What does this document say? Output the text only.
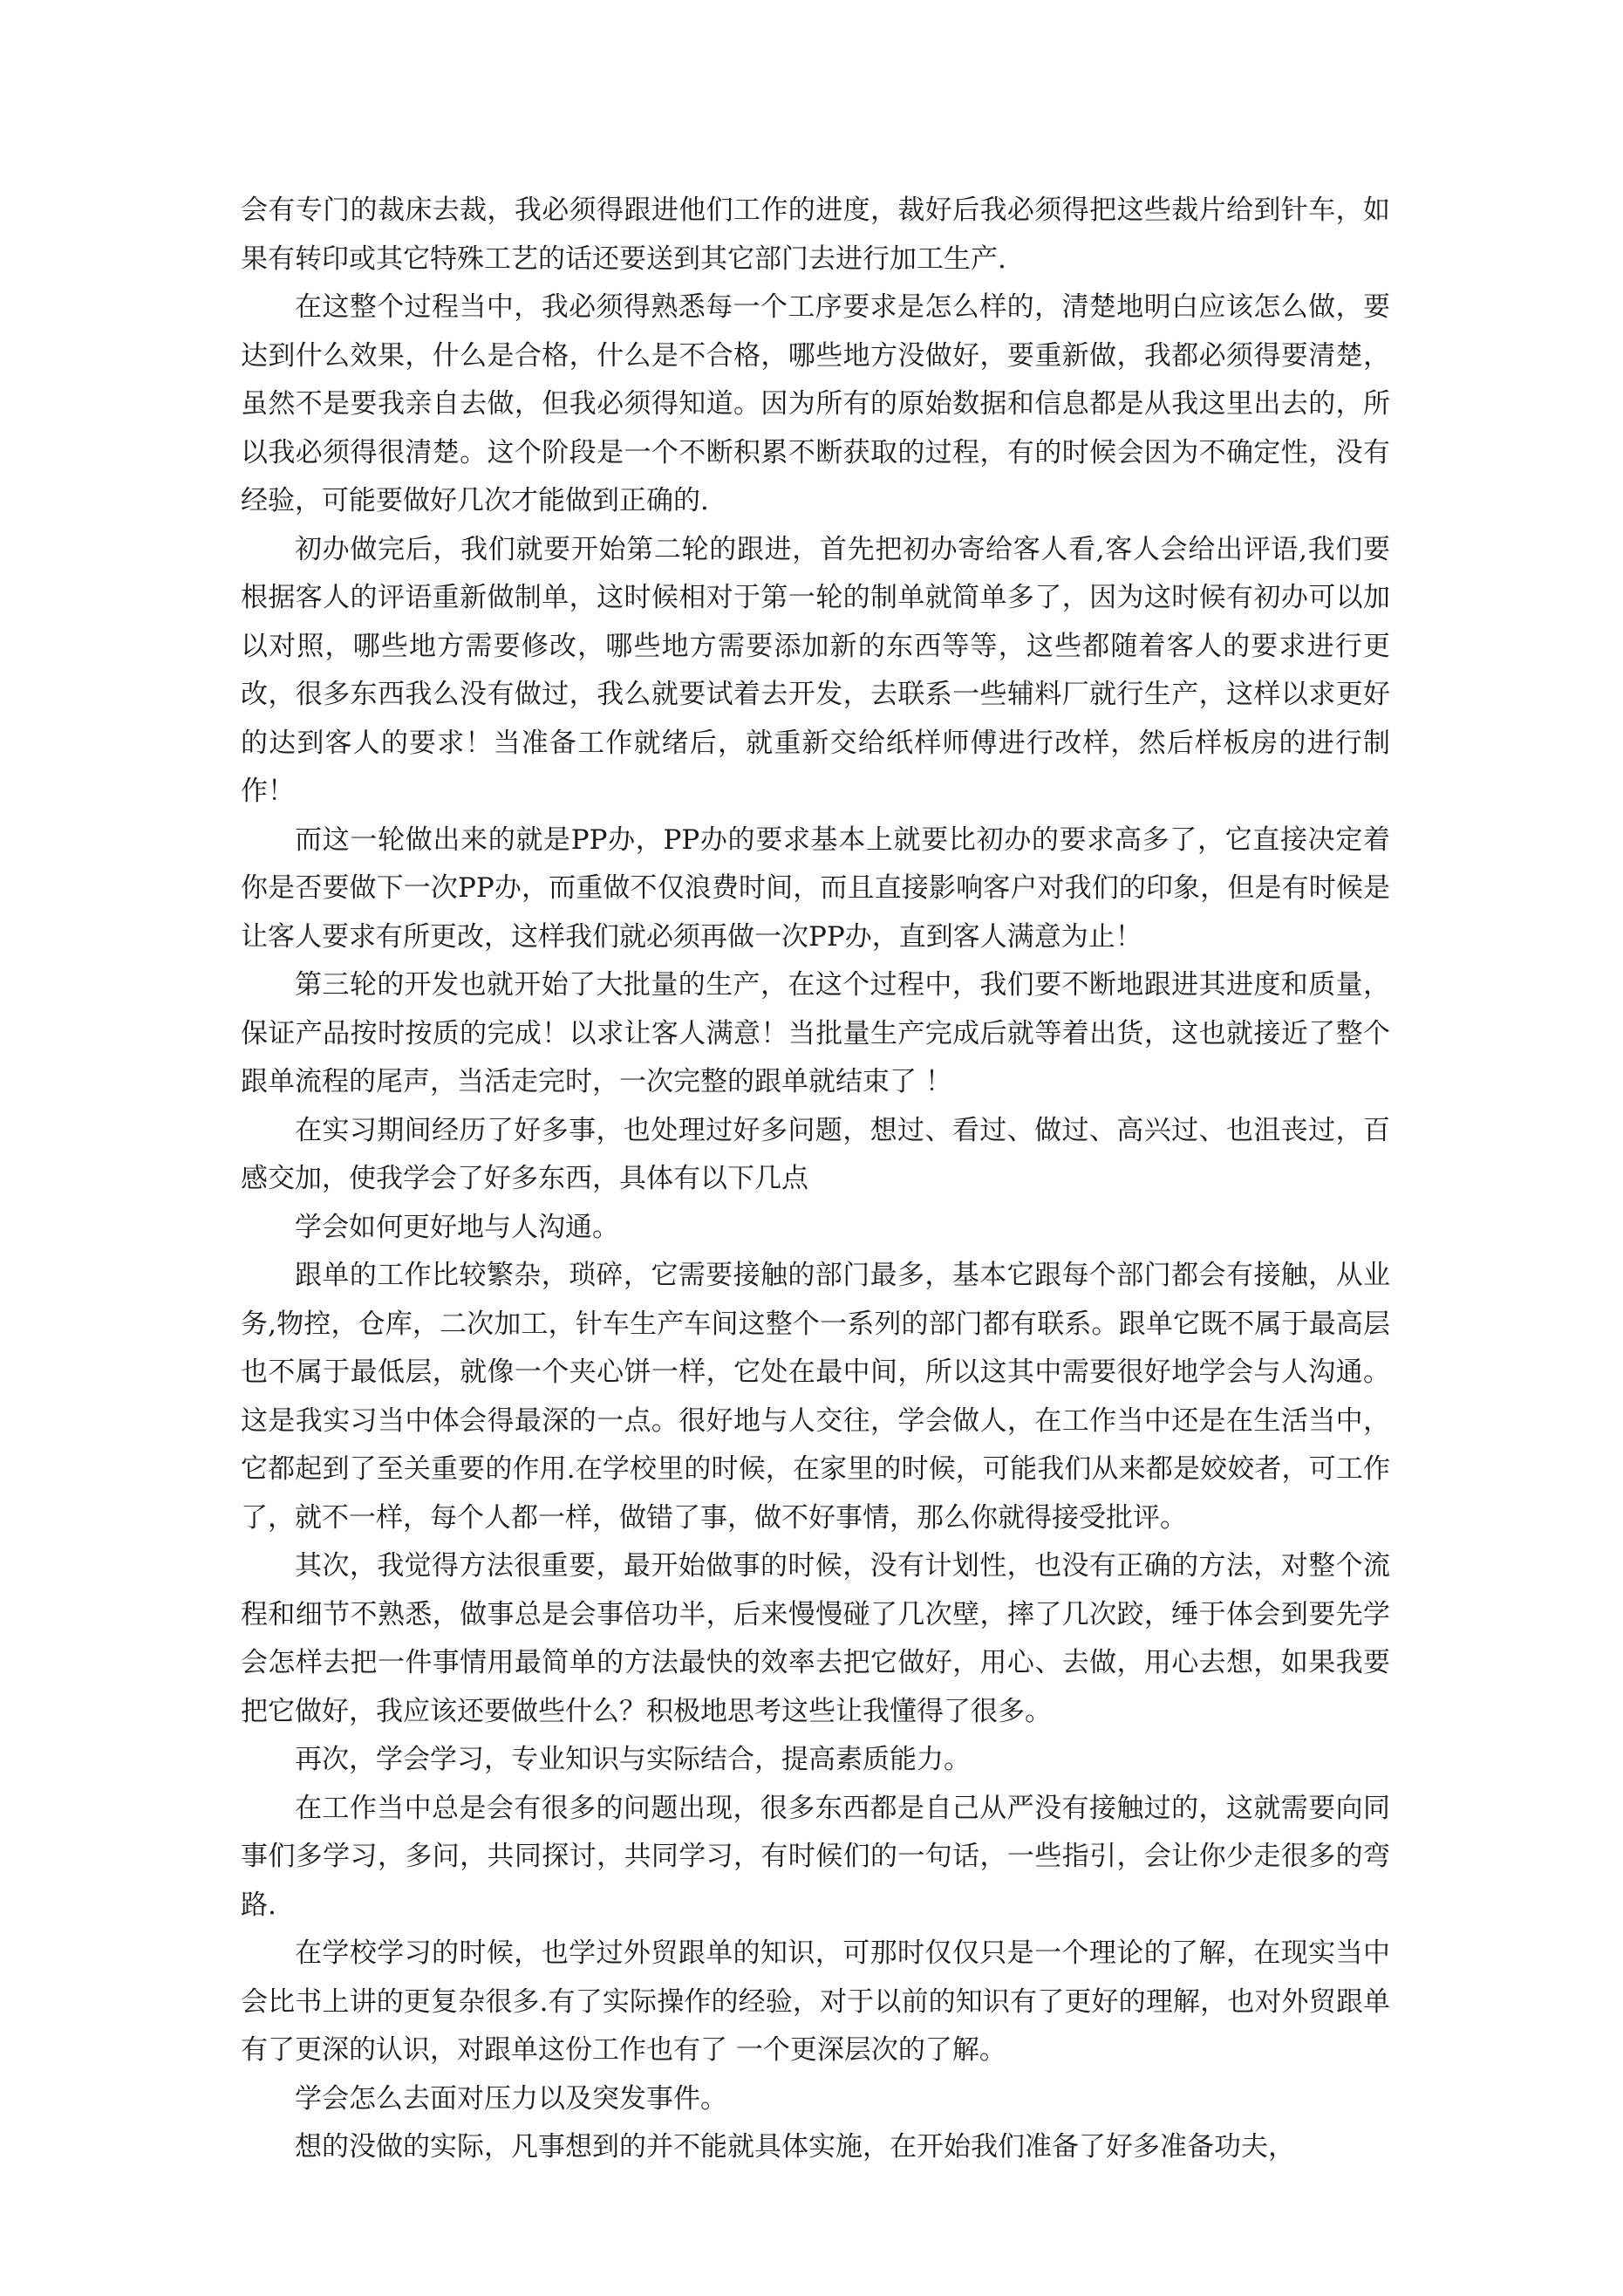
会有专门的裁床去裁，我必须得跟进他们工作的进度，裁好后我必须得把这些裁片给到针车，如果有转印或其它特殊工艺的话还要送到其它部门去进行加工生产.

在这整个过程当中，我必须得熟悉每一个工序要求是怎么样的，清楚地明白应该怎么做，要达到什么效果，什么是合格，什么是不合格，哪些地方没做好，要重新做，我都必须得要清楚，虽然不是要我亲自去做，但我必须得知道。因为所有的原始数据和信息都是从我这里出去的，所以我必须得很清楚。这个阶段是一个不断积累不断获取的过程，有的时候会因为不确定性，没有经验，可能要做好几次才能做到正确的.

初办做完后，我们就要开始第二轮的跟进，首先把初办寄给客人看,客人会给出评语,我们要根据客人的评语重新做制单，这时候相对于第一轮的制单就简单多了，因为这时候有初办可以加以对照，哪些地方需要修改，哪些地方需要添加新的东西等等，这些都随着客人的要求进行更改，很多东西我么没有做过，我么就要试着去开发，去联系一些辅料厂就行生产，这样以求更好的达到客人的要求！当准备工作就绪后，就重新交给纸样师傅进行改样，然后样板房的进行制作！

而这一轮做出来的就是PP办，PP办的要求基本上就要比初办的要求高多了，它直接决定着你是否要做下一次PP办，而重做不仅浪费时间，而且直接影响客户对我们的印象，但是有时候是让客人要求有所更改，这样我们就必须再做一次PP办，直到客人满意为止！

第三轮的开发也就开始了大批量的生产，在这个过程中，我们要不断地跟进其进度和质量，保证产品按时按质的完成！以求让客人满意！当批量生产完成后就等着出货，这也就接近了整个跟单流程的尾声，当活走完时，一次完整的跟单就结束了 ！

在实习期间经历了好多事，也处理过好多问题，想过、看过、做过、高兴过、也沮丧过，百感交加，使我学会了好多东西，具体有以下几点

学会如何更好地与人沟通。

跟单的工作比较繁杂，琐碎，它需要接触的部门最多，基本它跟每个部门都会有接触，从业务,物控，仓库，二次加工，针车生产车间这整个一系列的部门都有联系。跟单它既不属于最高层也不属于最低层，就像一个夹心饼一样，它处在最中间，所以这其中需要很好地学会与人沟通。这是我实习当中体会得最深的一点。很好地与人交往，学会做人，在工作当中还是在生活当中，它都起到了至关重要的作用.在学校里的时候，在家里的时候，可能我们从来都是姣姣者，可工作了，就不一样，每个人都一样，做错了事，做不好事情，那么你就得接受批评。

其次，我觉得方法很重要，最开始做事的时候，没有计划性，也没有正确的方法，对整个流程和细节不熟悉，做事总是会事倍功半，后来慢慢碰了几次壁，摔了几次跤，缍于体会到要先学会怎样去把一件事情用最简单的方法最快的效率去把它做好，用心、去做，用心去想，如果我要把它做好，我应该还要做些什么？积极地思考这些让我懂得了很多。

再次，学会学习，专业知识与实际结合，提高素质能力。

在工作当中总是会有很多的问题出现，很多东西都是自己从严没有接触过的，这就需要向同事们多学习，多问，共同探讨，共同学习，有时候们的一句话，一些指引，会让你少走很多的弯路.

在学校学习的时候，也学过外贸跟单的知识，可那时仅仅只是一个理论的了解，在现实当中会比书上讲的更复杂很多.有了实际操作的经验，对于以前的知识有了更好的理解，也对外贸跟单有了更深的认识，对跟单这份工作也有了 一个更深层次的了解。

学会怎么去面对压力以及突发事件。

想的没做的实际，凡事想到的并不能就具体实施，在开始我们准备了好多准备功夫，
